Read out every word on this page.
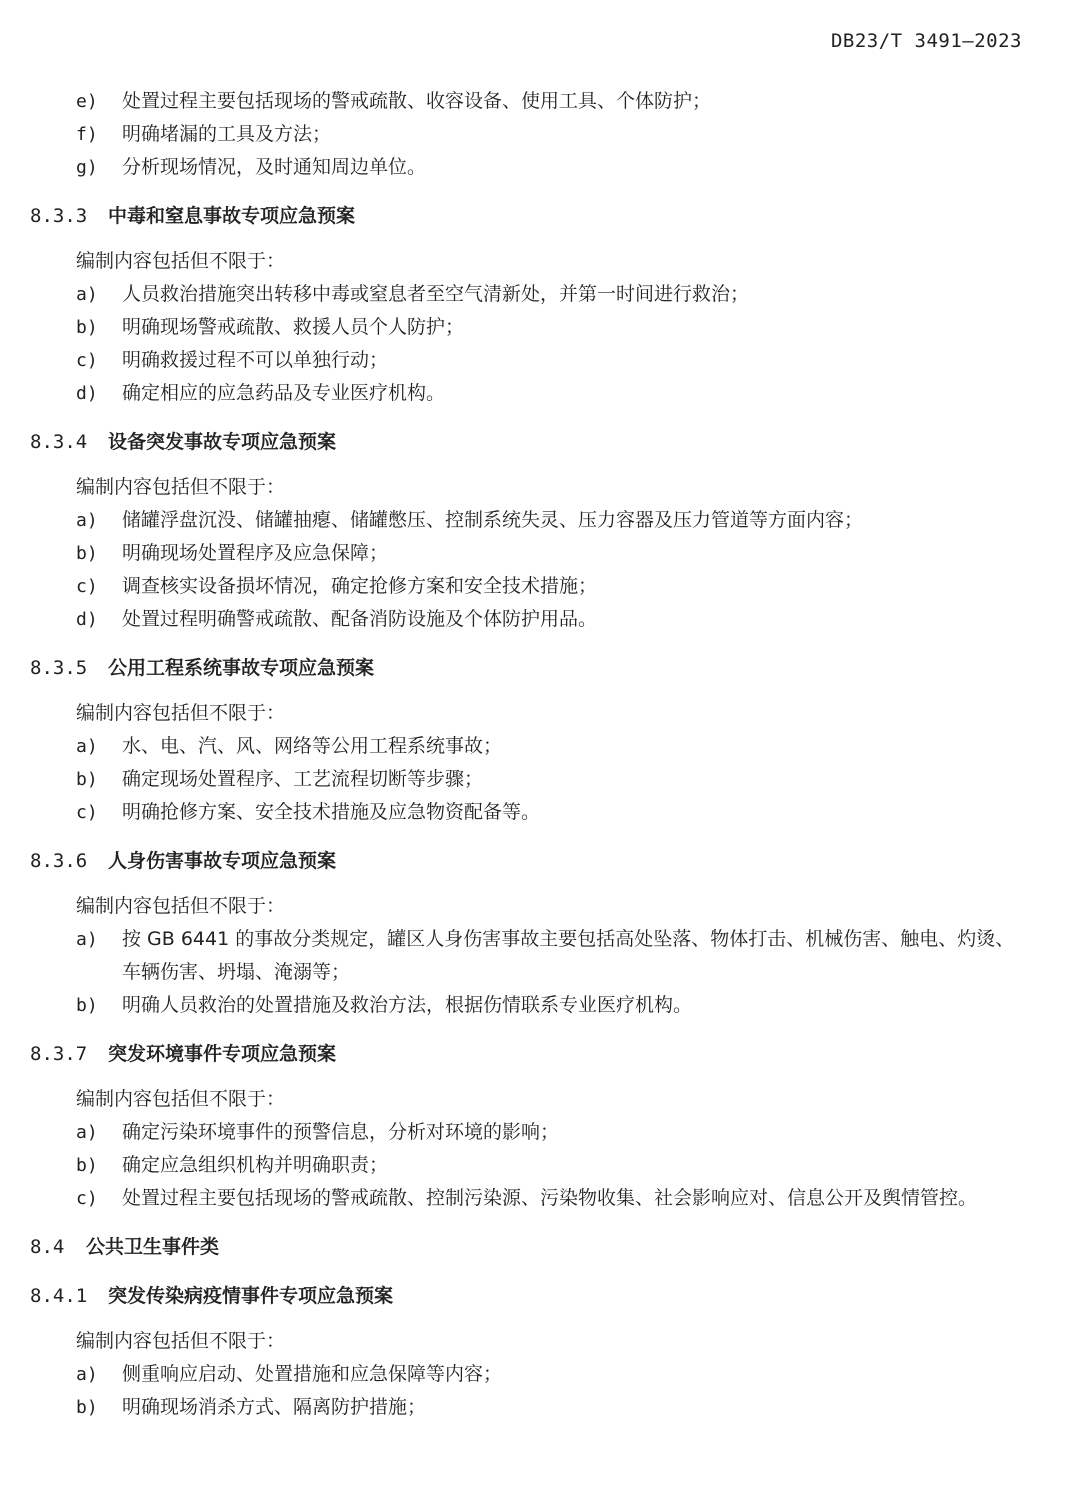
DB23/T 3491—2023
e)	处置过程主要包括现场的警戒疏散、收容设备、使用工具、个体防护；
f)	明确堵漏的工具及方法；
g)	分析现场情况，及时通知周边单位。
8.3.3 中毒和窒息事故专项应急预案
编制内容包括但不限于：
a)	人员救治措施突出转移中毒或窒息者至空气清新处，并第一时间进行救治；
b)	明确现场警戒疏散、救援人员个人防护；
c)	明确救援过程不可以单独行动；
d)	确定相应的应急药品及专业医疗机构。
8.3.4 设备突发事故专项应急预案
编制内容包括但不限于：
a)	储罐浮盘沉没、储罐抽瘪、储罐憋压、控制系统失灵、压力容器及压力管道等方面内容；
b)	明确现场处置程序及应急保障；
c)	调查核实设备损坏情况，确定抢修方案和安全技术措施；
d)	处置过程明确警戒疏散、配备消防设施及个体防护用品。
8.3.5 公用工程系统事故专项应急预案
编制内容包括但不限于：
a)	水、电、汽、风、网络等公用工程系统事故；
b)	确定现场处置程序、工艺流程切断等步骤；
c)	明确抢修方案、安全技术措施及应急物资配备等。
8.3.6 人身伤害事故专项应急预案
编制内容包括但不限于：
a)	按 GB 6441 的事故分类规定，罐区人身伤害事故主要包括高处坠落、物体打击、机械伤害、触电、灼烫、车辆伤害、坍塌、淹溺等；
b)	明确人员救治的处置措施及救治方法，根据伤情联系专业医疗机构。
8.3.7 突发环境事件专项应急预案
编制内容包括但不限于：
a)	确定污染环境事件的预警信息，分析对环境的影响；
b)	确定应急组织机构并明确职责；
c)	处置过程主要包括现场的警戒疏散、控制污染源、污染物收集、社会影响应对、信息公开及舆情管控。
8.4 公共卫生事件类
8.4.1 突发传染病疫情事件专项应急预案
编制内容包括但不限于：
a)	侧重响应启动、处置措施和应急保障等内容；
b)	明确现场消杀方式、隔离防护措施；
